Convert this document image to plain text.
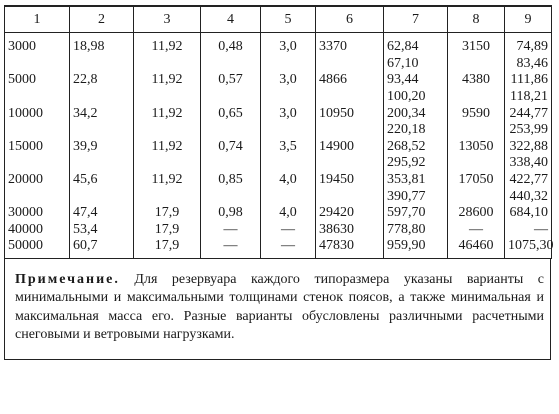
1	2	3	4	5	6	7	8	9
3000	18,98	11,92	0,48	3,0	3370	62,84	3150	74,89
						67,10		83,46
5000	22,8	11,92	0,57	3,0	4866	93,44	4380	111,86
						100,20		118,21
10000	34,2	11,92	0,65	3,0	10950	200,34	9590	244,77
						220,18		253,99
15000	39,9	11,92	0,74	3,5	14900	268,52	13050	322,88
						295,92		338,40
20000	45,6	11,92	0,85	4,0	19450	353,81	17050	422,77
						390,77		440,32
30000	47,4	17,9	0,98	4,0	29420	597,70	28600	684,10
40000	53,4	17,9	—	—	38630	778,80	—	—
50000	60,7	17,9	—	—	47830	959,90	46460	1075,30
Примечание. Для резервуара каждого типоразмера указаны варианты с минимальными и максимальными толщинами стенок поясов, а также минимальная и максимальная масса его. Разные варианты обусловлены различными расчетными снеговыми и ветровыми нагрузками.
